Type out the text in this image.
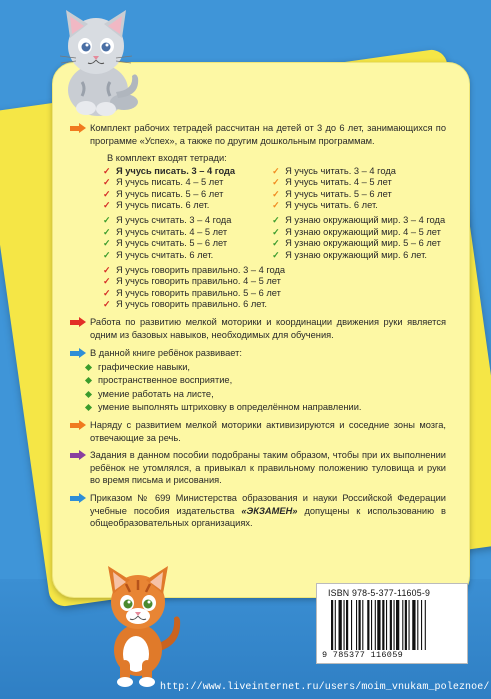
Комплект рабочих тетрадей рассчитан на детей от 3 до 6 лет, занимающихся по программе «Успех», а также по другим дошкольным программам.
В комплект входят тетради:
✓ Я учусь писать. 3 – 4 года
✓ Я учусь писать. 4 – 5 лет
✓ Я учусь писать. 5 – 6 лет
✓ Я учусь писать. 6 лет.
✓ Я учусь считать. 3 – 4 года
✓ Я учусь считать. 4 – 5 лет
✓ Я учусь считать. 5 – 6 лет
✓ Я учусь считать. 6 лет.
✓ Я учусь читать. 3 – 4 года
✓ Я учусь читать. 4 – 5 лет
✓ Я учусь читать. 5 – 6 лет
✓ Я учусь читать. 6 лет.
✓ Я узнаю окружающий мир. 3 – 4 года
✓ Я узнаю окружающий мир. 4 – 5 лет
✓ Я узнаю окружающий мир. 5 – 6 лет
✓ Я узнаю окружающий мир. 6 лет.
✓ Я учусь говорить правильно. 3 – 4 года
✓ Я учусь говорить правильно. 4 – 5 лет
✓ Я учусь говорить правильно. 5 – 6 лет
✓ Я учусь говорить правильно. 6 лет.
Работа по развитию мелкой моторики и координации движения руки является одним из базовых навыков, необходимых для обучения.
В данной книге ребёнок развивает:
графические навыки,
пространственное восприятие,
умение работать на листе,
умение выполнять штриховку в определённом направлении.
Наряду с развитием мелкой моторики активизируются и соседние зоны мозга, отвечающие за речь.
Задания в данном пособии подобраны таким образом, чтобы при их выполнении ребёнок не утомлялся, а привыкал к правильному положению туловища и руки во время письма и рисования.
Приказом № 699 Министерства образования и науки Российской Федерации учебные пособия издательства «ЭКЗАМЕН» допущены к использованию в общеобразовательных организациях.
ISBN 978-5-377-11605-9
9 785377 116059
http://www.liveinternet.ru/users/moim_vnukam_poleznoe/
